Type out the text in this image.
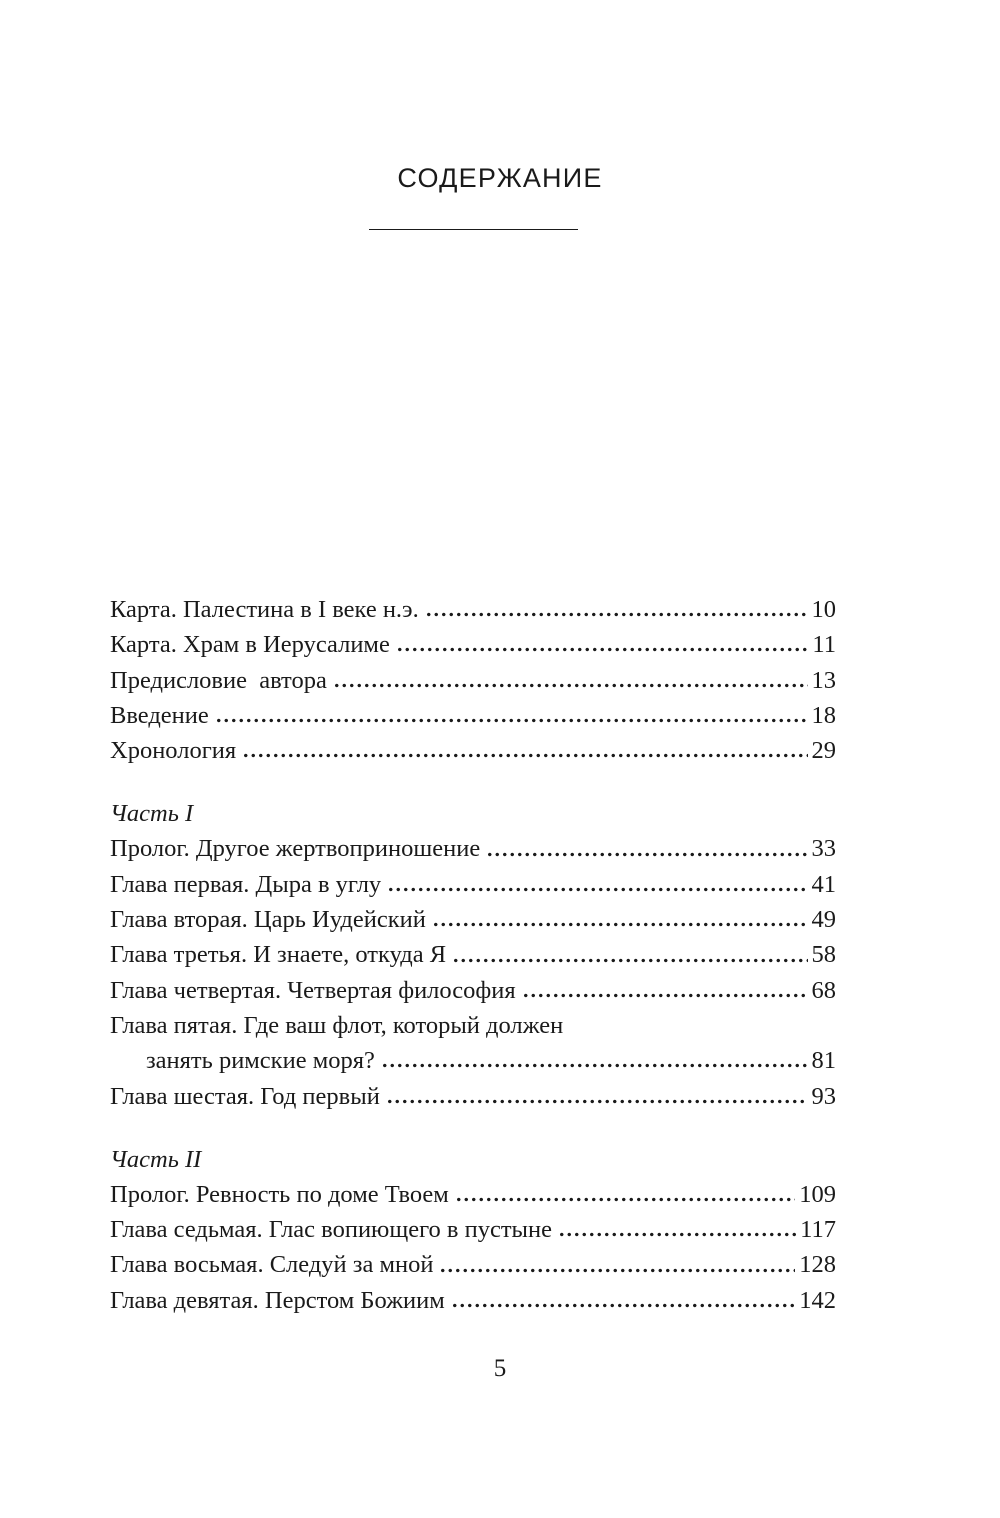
СОДЕРЖАНИЕ
Карта. Палестина в I веке н.э.	10
Карта. Храм в Иерусалиме	11
Предисловие  автора	13
Введение	18
Хронология	29
Часть I
Пролог. Другое жертвоприношение	33
Глава первая. Дыра в углу	41
Глава вторая. Царь Иудейский	49
Глава третья. И знаете, откуда Я	58
Глава четвертая. Четвертая философия	68
Глава пятая. Где ваш флот, который должен
занять римские моря?	81
Глава шестая. Год первый	93
Часть II
Пролог. Ревность по доме Твоем	109
Глава седьмая. Глас вопиющего в пустыне	117
Глава восьмая. Следуй за мной	128
Глава девятая. Перстом Божиим	142
5
